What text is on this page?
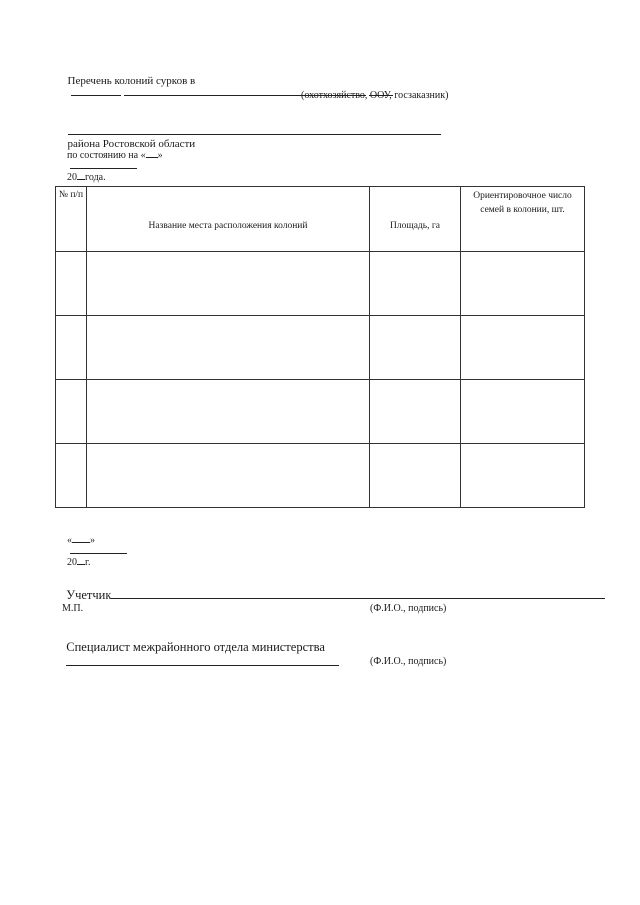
Перечень колоний сурков в

(охотхозяйство, ООУ, госзаказник)

района Ростовской области

по состоянию на « »

20 года.

№ п/п	Название места расположения колоний	Площадь, га	Ориентировочное число семей в колонии, шт.

« »

20 г.

Учетчик

М.П.	(Ф.И.О., подпись)

Специалист межрайонного отдела министерства

(Ф.И.О., подпись)
